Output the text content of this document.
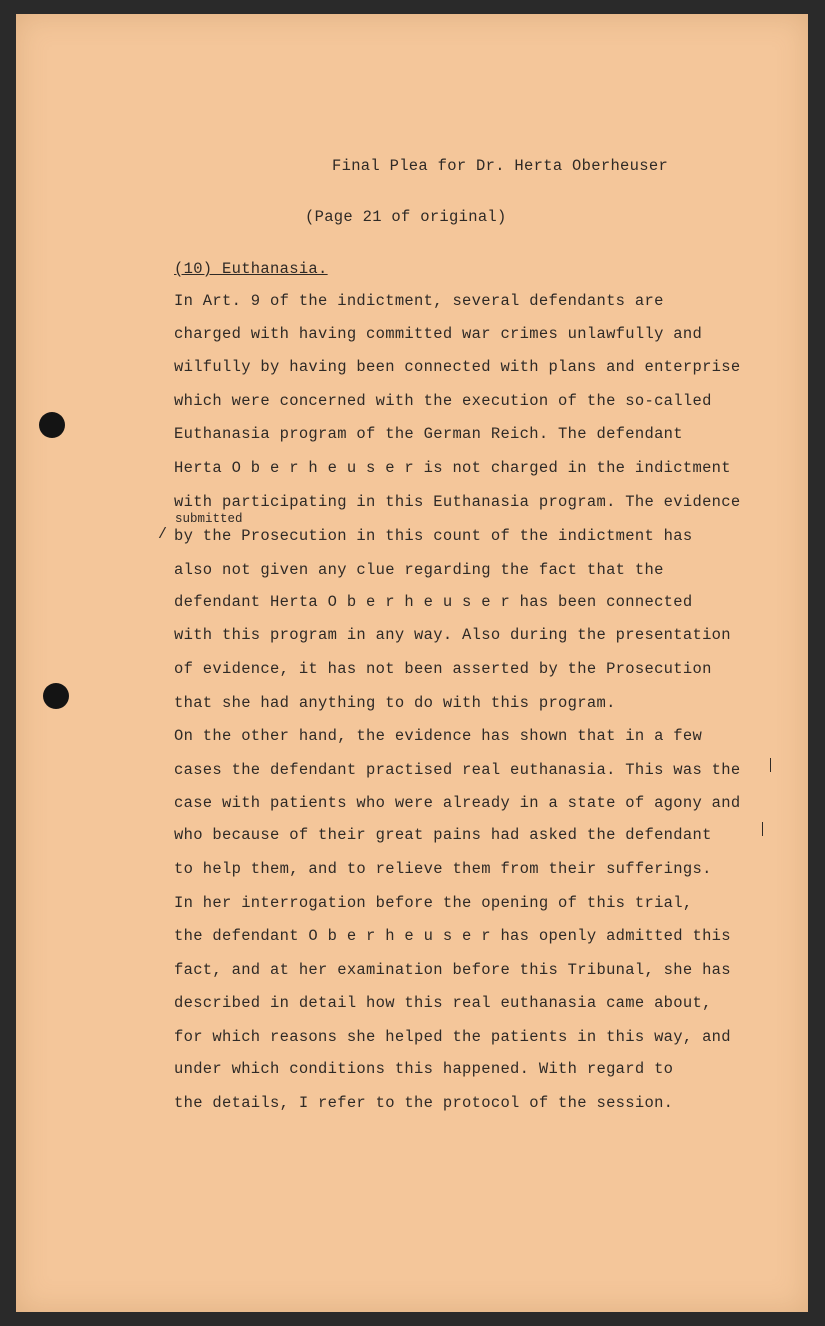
Final Plea for Dr. Herta Oberheuser
(Page 21 of original)
(10) Euthanasia.
submitted
/
In Art. 9 of the indictment, several defendants are
charged with having committed war crimes unlawfully and
wilfully by having been connected with plans and enterprise
which were concerned with the execution of the so-called
Euthanasia program of the German Reich. The defendant
Herta O b e r h e u s e r is not charged in the indictment
with participating in this Euthanasia program. The evidence
by the Prosecution in this count of the indictment has
also not given any clue regarding the fact that the
defendant Herta O b e r h e u s e r has been connected
with this program in any way. Also during the presentation
of evidence, it has not been asserted by the Prosecution
that she had anything to do with this program.
On the other hand, the evidence has shown that in a few
cases the defendant practised real euthanasia. This was the
case with patients who were already in a state of agony and
who because of their great pains had asked the defendant
to help them, and to relieve them from their sufferings.
In her interrogation before the opening of this trial,
the defendant O b e r h e u s e r has openly admitted this
fact, and at her examination before this Tribunal, she has
described in detail how this real euthanasia came about,
for which reasons she helped the patients in this way, and
under which conditions this happened. With regard to
the details, I refer to the protocol of the session.
